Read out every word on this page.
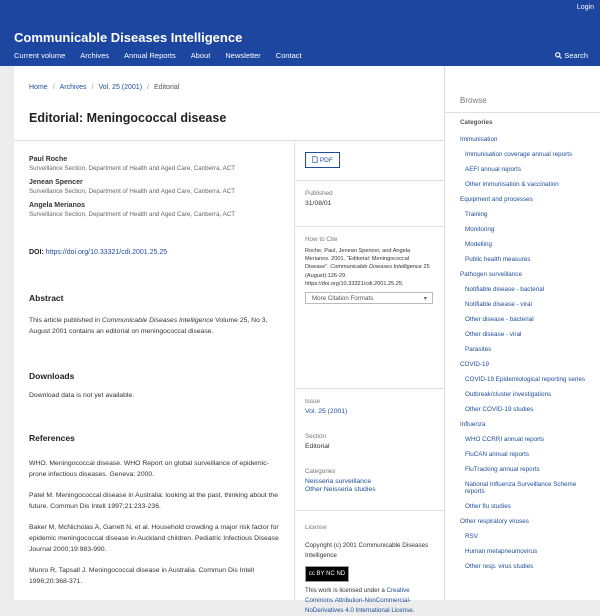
Login
Communicable Diseases Intelligence
Current volume Archives Annual Reports About Newsletter Contact	Search
Home / Archives / Vol. 25 (2001) / Editorial
Editorial: Meningococcal disease
Paul Roche
Surveillance Section, Department of Health and Aged Care, Canberra, ACT
Jenean Spencer
Surveillance Section, Department of Health and Aged Care, Canberra, ACT
Angela Merianos
Surveillance Section, Department of Health and Aged Care, Canberra, ACT
DOI: https://doi.org/10.33321/cdi.2001.25.25
Abstract
This article published in Communicable Diseases Intelligence Volume 25, No 3, August 2001 contains an editorial on meningococcal disease.
Downloads
Download data is not yet available.
References

WHO. Meningococcal disease. WHO Report on global surveillance of epidemic-prone infectious diseases. Geneva: 2000.

Patel M. Meningococcal disease in Australia: looking at the past, thinking about the future. Commun Dis Intell 1997;21:233-236.

Baker M, McNicholas A, Garrett N, et al. Household crowding a major risk factor for epidemic meningococcal disease in Auckland children. Pediatric Infectious Disease Journal 2000;19:983-990.

Munro R, Tapsall J. Meningococcal disease in Australia. Commun Dis Intell 1996;20:368-371.

PDF
Published
31/08/01
How to Cite
Roche, Paul, Jenean Spencer, and Angela Merianos. 2001. “Editorial: Meningococcal Disease”. Communicable Diseases Intelligence 25 (August):126-29. https://doi.org/10.33321/cdi.2001.25.25.
More Citation Formats	▾
Issue
Vol. 25 (2001)
Section
Editorial
Categories
Neisseria surveillance
Other Neisseria studies
License
Copyright (c) 2001 Communicable Diseases Intelligence
cc BY NC ND
This work is licensed under a Creative Commons Attribution-NonCommercial-NoDerivatives 4.0 International License.
Browse
Categories
Immunisation
Immunisation coverage annual reports
AEFI annual reports
Other immunisation & vaccination
Equipment and processes
Training
Monitoring
Modelling
Public health measures
Pathogen surveillance
Notifiable disease - bacterial
Notifiable disease - viral
Other disease - bacterial
Other disease - viral
Parasites
COVID-19
COVID-19 Epidemiological reporting series
Outbreak/cluster investigations
Other COVID-19 studies
Influenza
WHO CCRRI annual reports
FluCAN annual reports
FluTracking annual reports
National Influenza Surveillance Scheme reports
Other flu studies
Other respiratory viruses
RSV
Human metapneumovirus
Other resp. virus studies
